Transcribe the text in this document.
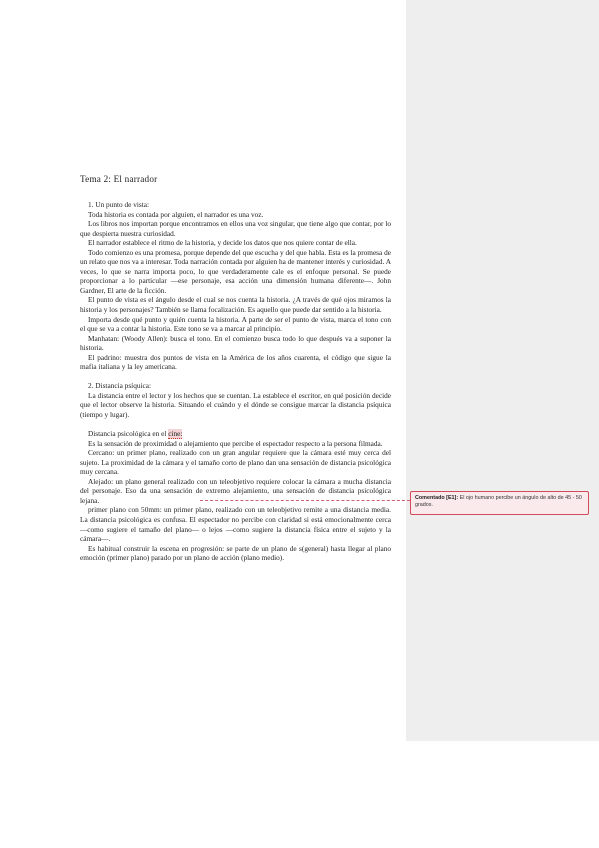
Tema 2: El narrador

1. Un punto de vista:

Toda historia es contada por alguien, el narrador es una voz.

Los libros nos importan porque encontramos en ellos una voz singular, que tiene algo que contar, por lo que despierta nuestra curiosidad.

El narrador establece el ritmo de la historia, y decide los datos que nos quiere contar de ella.

Todo comienzo es una promesa, porque depende del que escucha y del que habla. Esta es la promesa de un relato que nos va a interesar. Toda narración contada por alguien ha de mantener interés y curiosidad. A veces, lo que se narra importa poco, lo que verdaderamente cale es el enfoque personal. Se puede proporcionar a lo particular —ese personaje, esa acción una dimensión humana diferente—. John Gardner, El arte de la ficción.

El punto de vista es el ángulo desde el cual se nos cuenta la historia. ¿A través de qué ojos miramos la historia y los personajes? También se llama focalización. Es aquello que puede dar sentido a la historia.

Importa desde qué punto y quién cuenta la historia. A parte de ser el punto de vista, marca el tono con el que se va a contar la historia. Este tono se va a marcar al principio.

Manhatan: (Woody Allen): busca el tono. En el comienzo busca todo lo que después va a suponer la historia.

El padrino: muestra dos puntos de vista en la América de los años cuarenta, el código que sigue la mafia italiana y la ley americana.

2. Distancia psíquica:

La distancia entre el lector y los hechos que se cuentan. La establece el escritor, en qué posición decide que el lector observe la historia. Situando el cuándo y el dónde se consigue marcar la distancia psíquica (tiempo y lugar).

Distancia psicológica en el cine:

Es la sensación de proximidad o alejamiento que percibe el espectador respecto a la persona filmada.

Cercano: un primer plano, realizado con un gran angular requiere que la cámara esté muy cerca del sujeto. La proximidad de la cámara y el tamaño corto de plano dan una sensación de distancia psicológica muy cercana.

Alejado: un plano general realizado con un teleobjetivo requiere colocar la cámara a mucha distancia del personaje. Eso da una sensación de extremo alejamiento, una sensación de distancia psicológica lejana.

primer plano con 50mm: un primer plano, realizado con un teleobjetivo remite a una distancia media. La distancia psicológica es confusa. El espectador no percibe con claridad si está emocionalmente cerca —como sugiere el tamaño del plano— o lejos —como sugiere la distancia física entre el sujeto y la cámara—.

Es habitual construir la escena en progresión: se parte de un plano de s(general) hasta llegar al plano emoción (primer plano) parado por un plano de acción (plano medio).

Comentado [E1]: El ojo humano percibe un ángulo de alto de 45 - 50 grados.
